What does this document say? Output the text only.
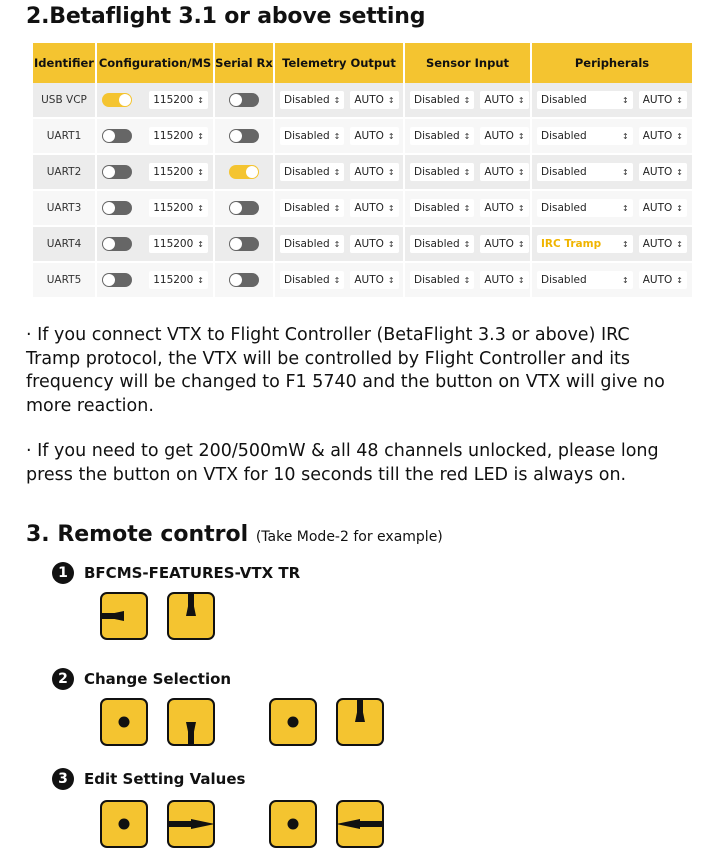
2.Betaflight 3.1 or above setting
Identifier	Configuration/MS	Serial Rx	Telemetry Output	Sensor Input	Peripherals
USB VCP	115200 ↕		Disabled ↕ AUTO ↕	Disabled ↕ AUTO ↕	Disabled ↕ AUTO ↕

UART1	115200 ↕		Disabled ↕ AUTO ↕	Disabled ↕ AUTO ↕	Disabled ↕ AUTO ↕

UART2	115200 ↕		Disabled ↕ AUTO ↕	Disabled ↕ AUTO ↕	Disabled ↕ AUTO ↕

UART3	115200 ↕		Disabled ↕ AUTO ↕	Disabled ↕ AUTO ↕	Disabled ↕ AUTO ↕

UART4	115200 ↕		Disabled ↕ AUTO ↕	Disabled ↕ AUTO ↕	IRC Tramp ↕ AUTO ↕

UART5	115200 ↕		Disabled ↕ AUTO ↕	Disabled ↕ AUTO ↕	Disabled ↕ AUTO ↕
· If you connect VTX to Flight Controller (BetaFlight 3.3 or above) IRC Tramp protocol, the VTX will be controlled by Flight Controller and its frequency will be changed to F1 5740 and the button on VTX will give no more reaction.
· If you need to get 200/500mW & all 48 channels unlocked, please long press the button on VTX for 10 seconds till the red LED is always on.
3. Remote control (Take Mode-2 for example)
1	BFCMS-FEATURES-VTX TR
2	Change Selection
3	Edit Setting Values
